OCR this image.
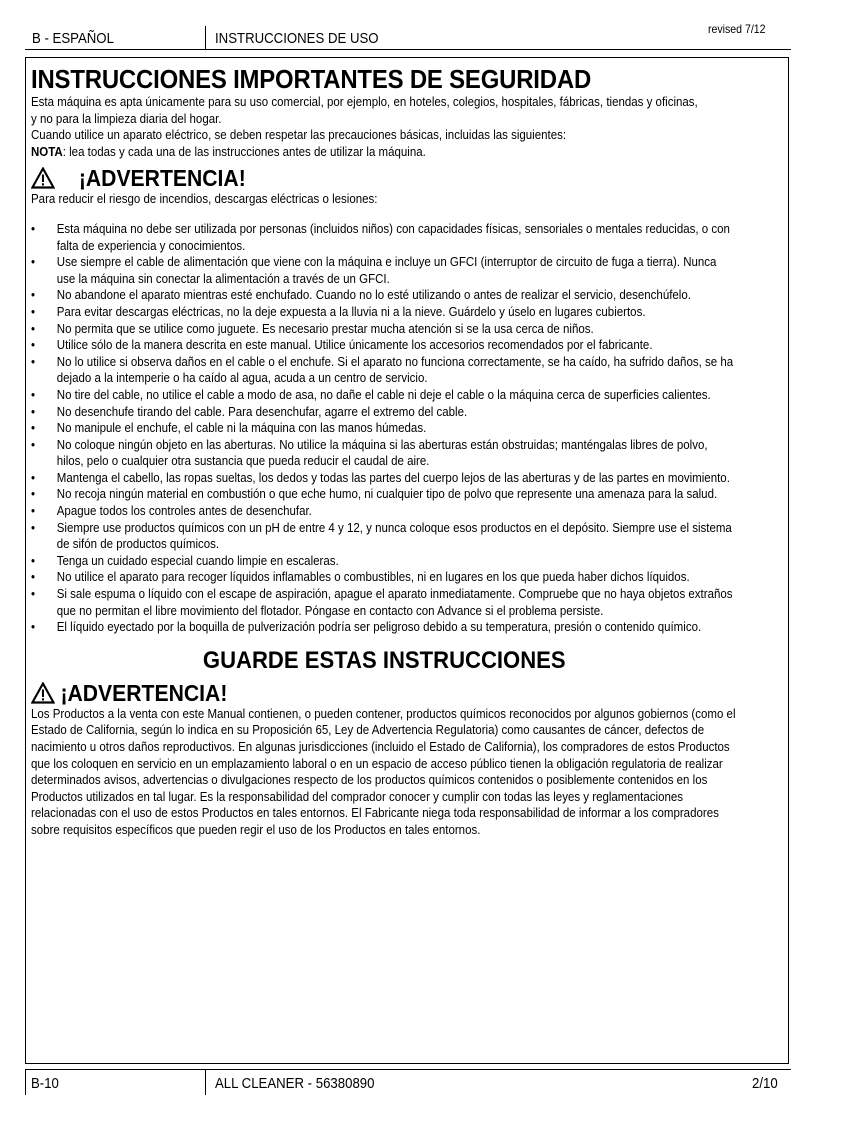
B - ESPAÑOL	INSTRUCCIONES DE USO
revised 7/12
INSTRUCCIONES IMPORTANTES DE SEGURIDAD

Esta máquina es apta únicamente para su uso comercial, por ejemplo, en hoteles, colegios, hospitales, fábricas, tiendas y oficinas,

y no para la limpieza diaria del hogar.

Cuando utilice un aparato eléctrico, se deben respetar las precauciones básicas, incluidas las siguientes:

NOTA: lea todas y cada una de las instrucciones antes de utilizar la máquina.

¡ADVERTENCIA!

Para reducir el riesgo de incendios, descargas eléctricas o lesiones:

• Esta máquina no debe ser utilizada por personas (incluidos niños) con capacidades físicas, sensoriales o mentales reducidas, o con falta de experiencia y conocimientos.
• Use siempre el cable de alimentación que viene con la máquina e incluye un GFCI (interruptor de circuito de fuga a tierra). Nunca use la máquina sin conectar la alimentación a través de un GFCI.
• No abandone el aparato mientras esté enchufado. Cuando no lo esté utilizando o antes de realizar el servicio, desenchúfelo.
• Para evitar descargas eléctricas, no la deje expuesta a la lluvia ni a la nieve. Guárdelo y úselo en lugares cubiertos.
• No permita que se utilice como juguete. Es necesario prestar mucha atención si se la usa cerca de niños.
• Utilice sólo de la manera descrita en este manual. Utilice únicamente los accesorios recomendados por el fabricante.
• No lo utilice si observa daños en el cable o el enchufe. Si el aparato no funciona correctamente, se ha caído, ha sufrido daños, se ha dejado a la intemperie o ha caído al agua, acuda a un centro de servicio.
• No tire del cable, no utilice el cable a modo de asa, no dañe el cable ni deje el cable o la máquina cerca de superficies calientes.
• No desenchufe tirando del cable. Para desenchufar, agarre el extremo del cable.
• No manipule el enchufe, el cable ni la máquina con las manos húmedas.
• No coloque ningún objeto en las aberturas. No utilice la máquina si las aberturas están obstruidas; manténgalas libres de polvo, hilos, pelo o cualquier otra sustancia que pueda reducir el caudal de aire.
• Mantenga el cabello, las ropas sueltas, los dedos y todas las partes del cuerpo lejos de las aberturas y de las partes en movimiento.
• No recoja ningún material en combustión o que eche humo, ni cualquier tipo de polvo que represente una amenaza para la salud.
• Apague todos los controles antes de desenchufar.
• Siempre use productos químicos con un pH de entre 4 y 12, y nunca coloque esos productos en el depósito. Siempre use el sistema de sifón de productos químicos.
• Tenga un cuidado especial cuando limpie en escaleras.
• No utilice el aparato para recoger líquidos inflamables o combustibles, ni en lugares en los que pueda haber dichos líquidos.
• Si sale espuma o líquido con el escape de aspiración, apague el aparato inmediatamente. Compruebe que no haya objetos extraños que no permitan el libre movimiento del flotador. Póngase en contacto con Advance si el problema persiste.
• El líquido eyectado por la boquilla de pulverización podría ser peligroso debido a su temperatura, presión o contenido químico.
GUARDE ESTAS INSTRUCCIONES
¡ADVERTENCIA!

Los Productos a la venta con este Manual contienen, o pueden contener, productos químicos reconocidos por algunos gobiernos (como el Estado de California, según lo indica en su Proposición 65, Ley de Advertencia Regulatoria) como causantes de cáncer, defectos de nacimiento u otros daños reproductivos. En algunas jurisdicciones (incluido el Estado de California), los compradores de estos Productos que los coloquen en servicio en un emplazamiento laboral o en un espacio de acceso público tienen la obligación regulatoria de realizar determinados avisos, advertencias o divulgaciones respecto de los productos químicos contenidos o posiblemente contenidos en los Productos utilizados en tal lugar. Es la responsabilidad del comprador conocer y cumplir con todas las leyes y reglamentaciones relacionadas con el uso de estos Productos en tales entornos. El Fabricante niega toda responsabilidad de informar a los compradores sobre requisitos específicos que pueden regir el uso de los Productos en tales entornos.

B-10	ALL CLEANER - 56380890	2/10
